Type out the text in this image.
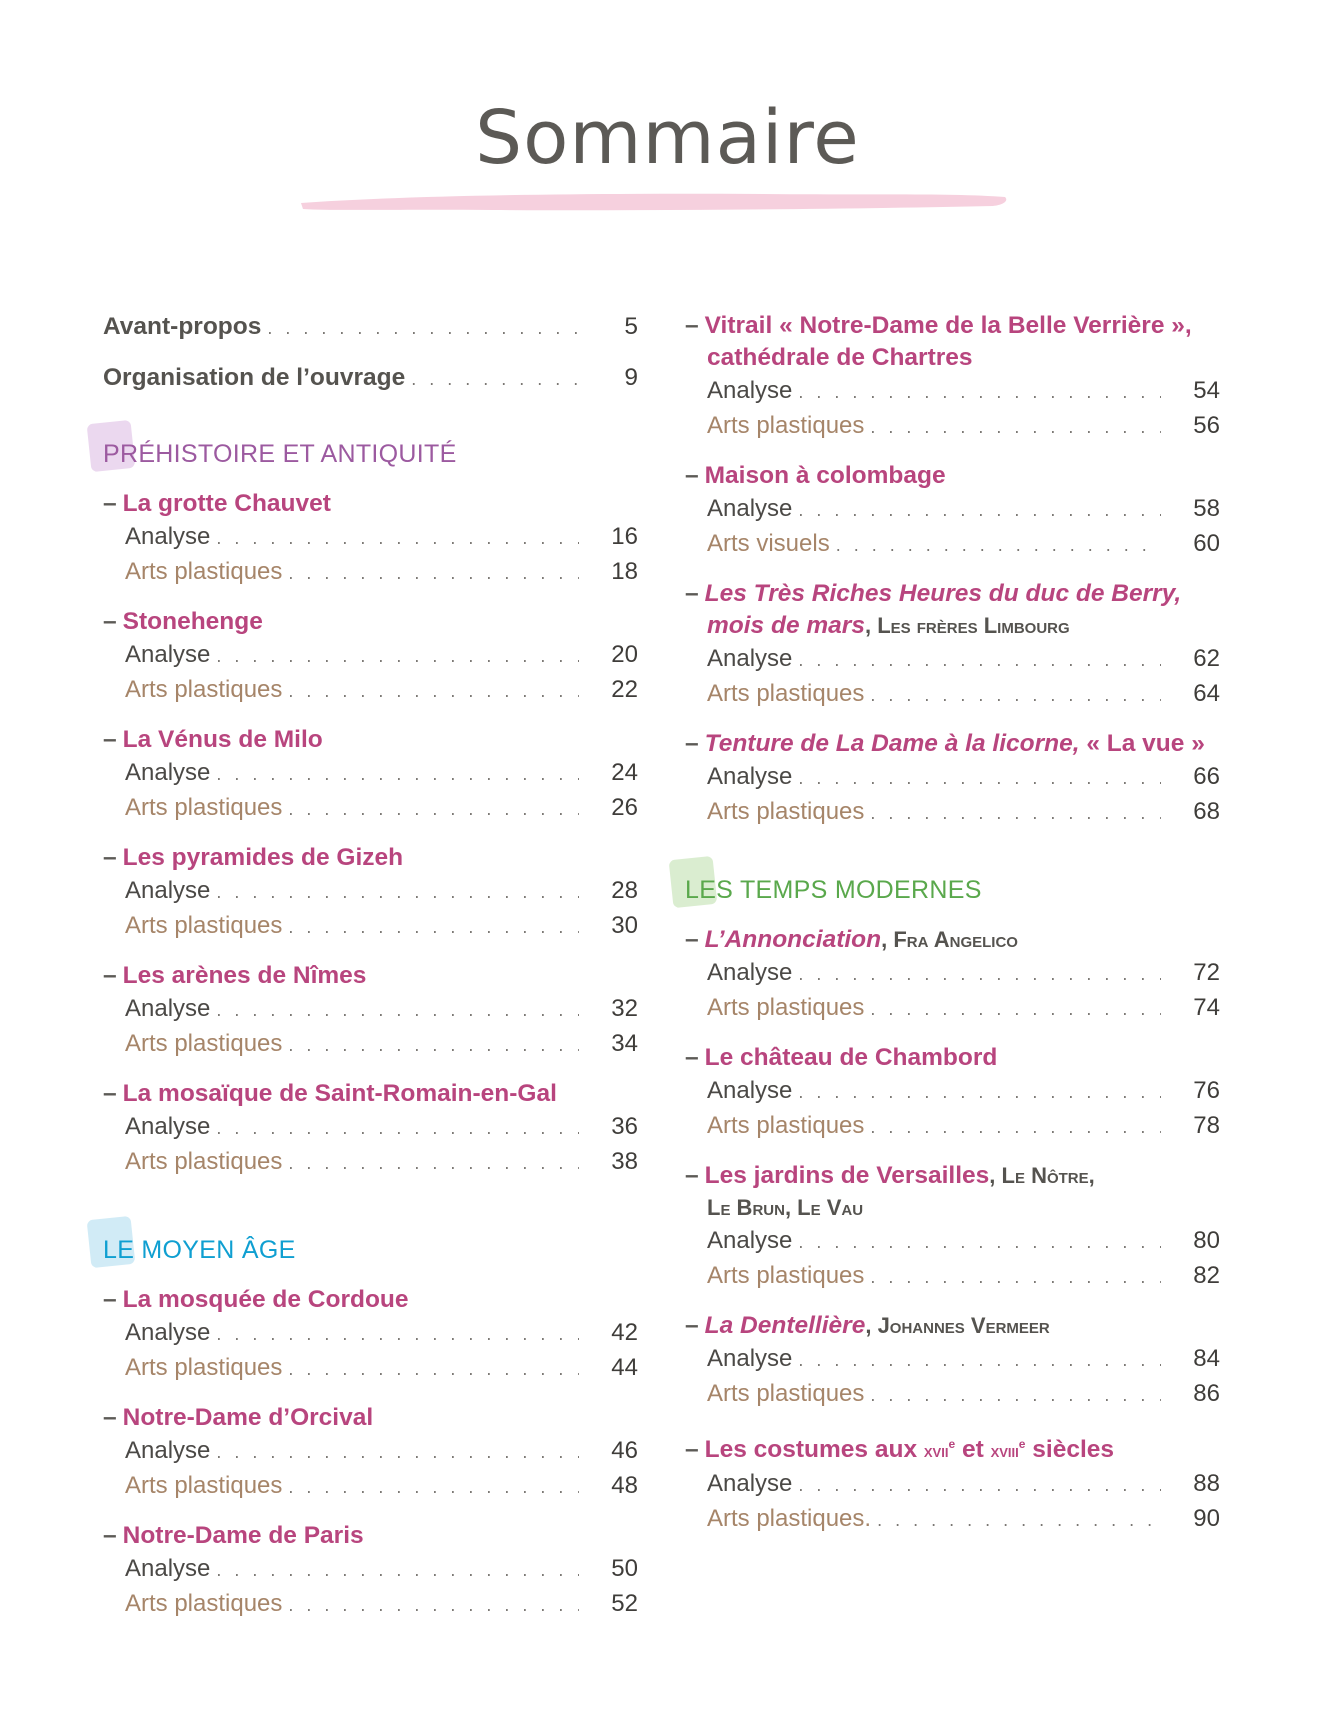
Sommaire
Avant-propos . . .	5
Organisation de l’ouvrage . . .	9
PRÉHISTOIRE ET ANTIQUITÉ
– La grotte Chauvet
Analyse . . .	16
Arts plastiques . . .	18
– Stonehenge
Analyse . . .	20
Arts plastiques . . .	22
– La Vénus de Milo
Analyse . . .	24
Arts plastiques . . .	26
– Les pyramides de Gizeh
Analyse . . .	28
Arts plastiques . . .	30
– Les arènes de Nîmes
Analyse . . .	32
Arts plastiques . . .	34
– La mosaïque de Saint-Romain-en-Gal
Analyse . . .	36
Arts plastiques . . .	38
LE MOYEN ÂGE
– La mosquée de Cordoue
Analyse . . .	42
Arts plastiques . . .	44
– Notre-Dame d’Orcival
Analyse . . .	46
Arts plastiques . . .	48
– Notre-Dame de Paris
Analyse . . .	50
Arts plastiques . . .	52
– Vitrail « Notre-Dame de la Belle Verrière »,
cathédrale de Chartres
Analyse . . .	54
Arts plastiques . . .	56
– Maison à colombage
Analyse . . .	58
Arts visuels . . .	60
– Les Très Riches Heures du duc de Berry,
mois de mars, Les frères Limbourg
Analyse . . .	62
Arts plastiques . . .	64
– Tenture de La Dame à la licorne, « La vue »
Analyse . . .	66
Arts plastiques . . .	68
LES TEMPS MODERNES
– L’Annonciation, Fra Angelico
Analyse . . .	72
Arts plastiques . . .	74
– Le château de Chambord
Analyse . . .	76
Arts plastiques . . .	78
– Les jardins de Versailles, Le Nôtre,
Le Brun, Le Vau
Analyse . . .	80
Arts plastiques . . .	82
– La Dentellière, Johannes Vermeer
Analyse . . .	84
Arts plastiques . . .	86
– Les costumes aux xvii$^e$ et xviii$^e$ siècles
Analyse . . .	88
Arts plastiques. . . .	90
